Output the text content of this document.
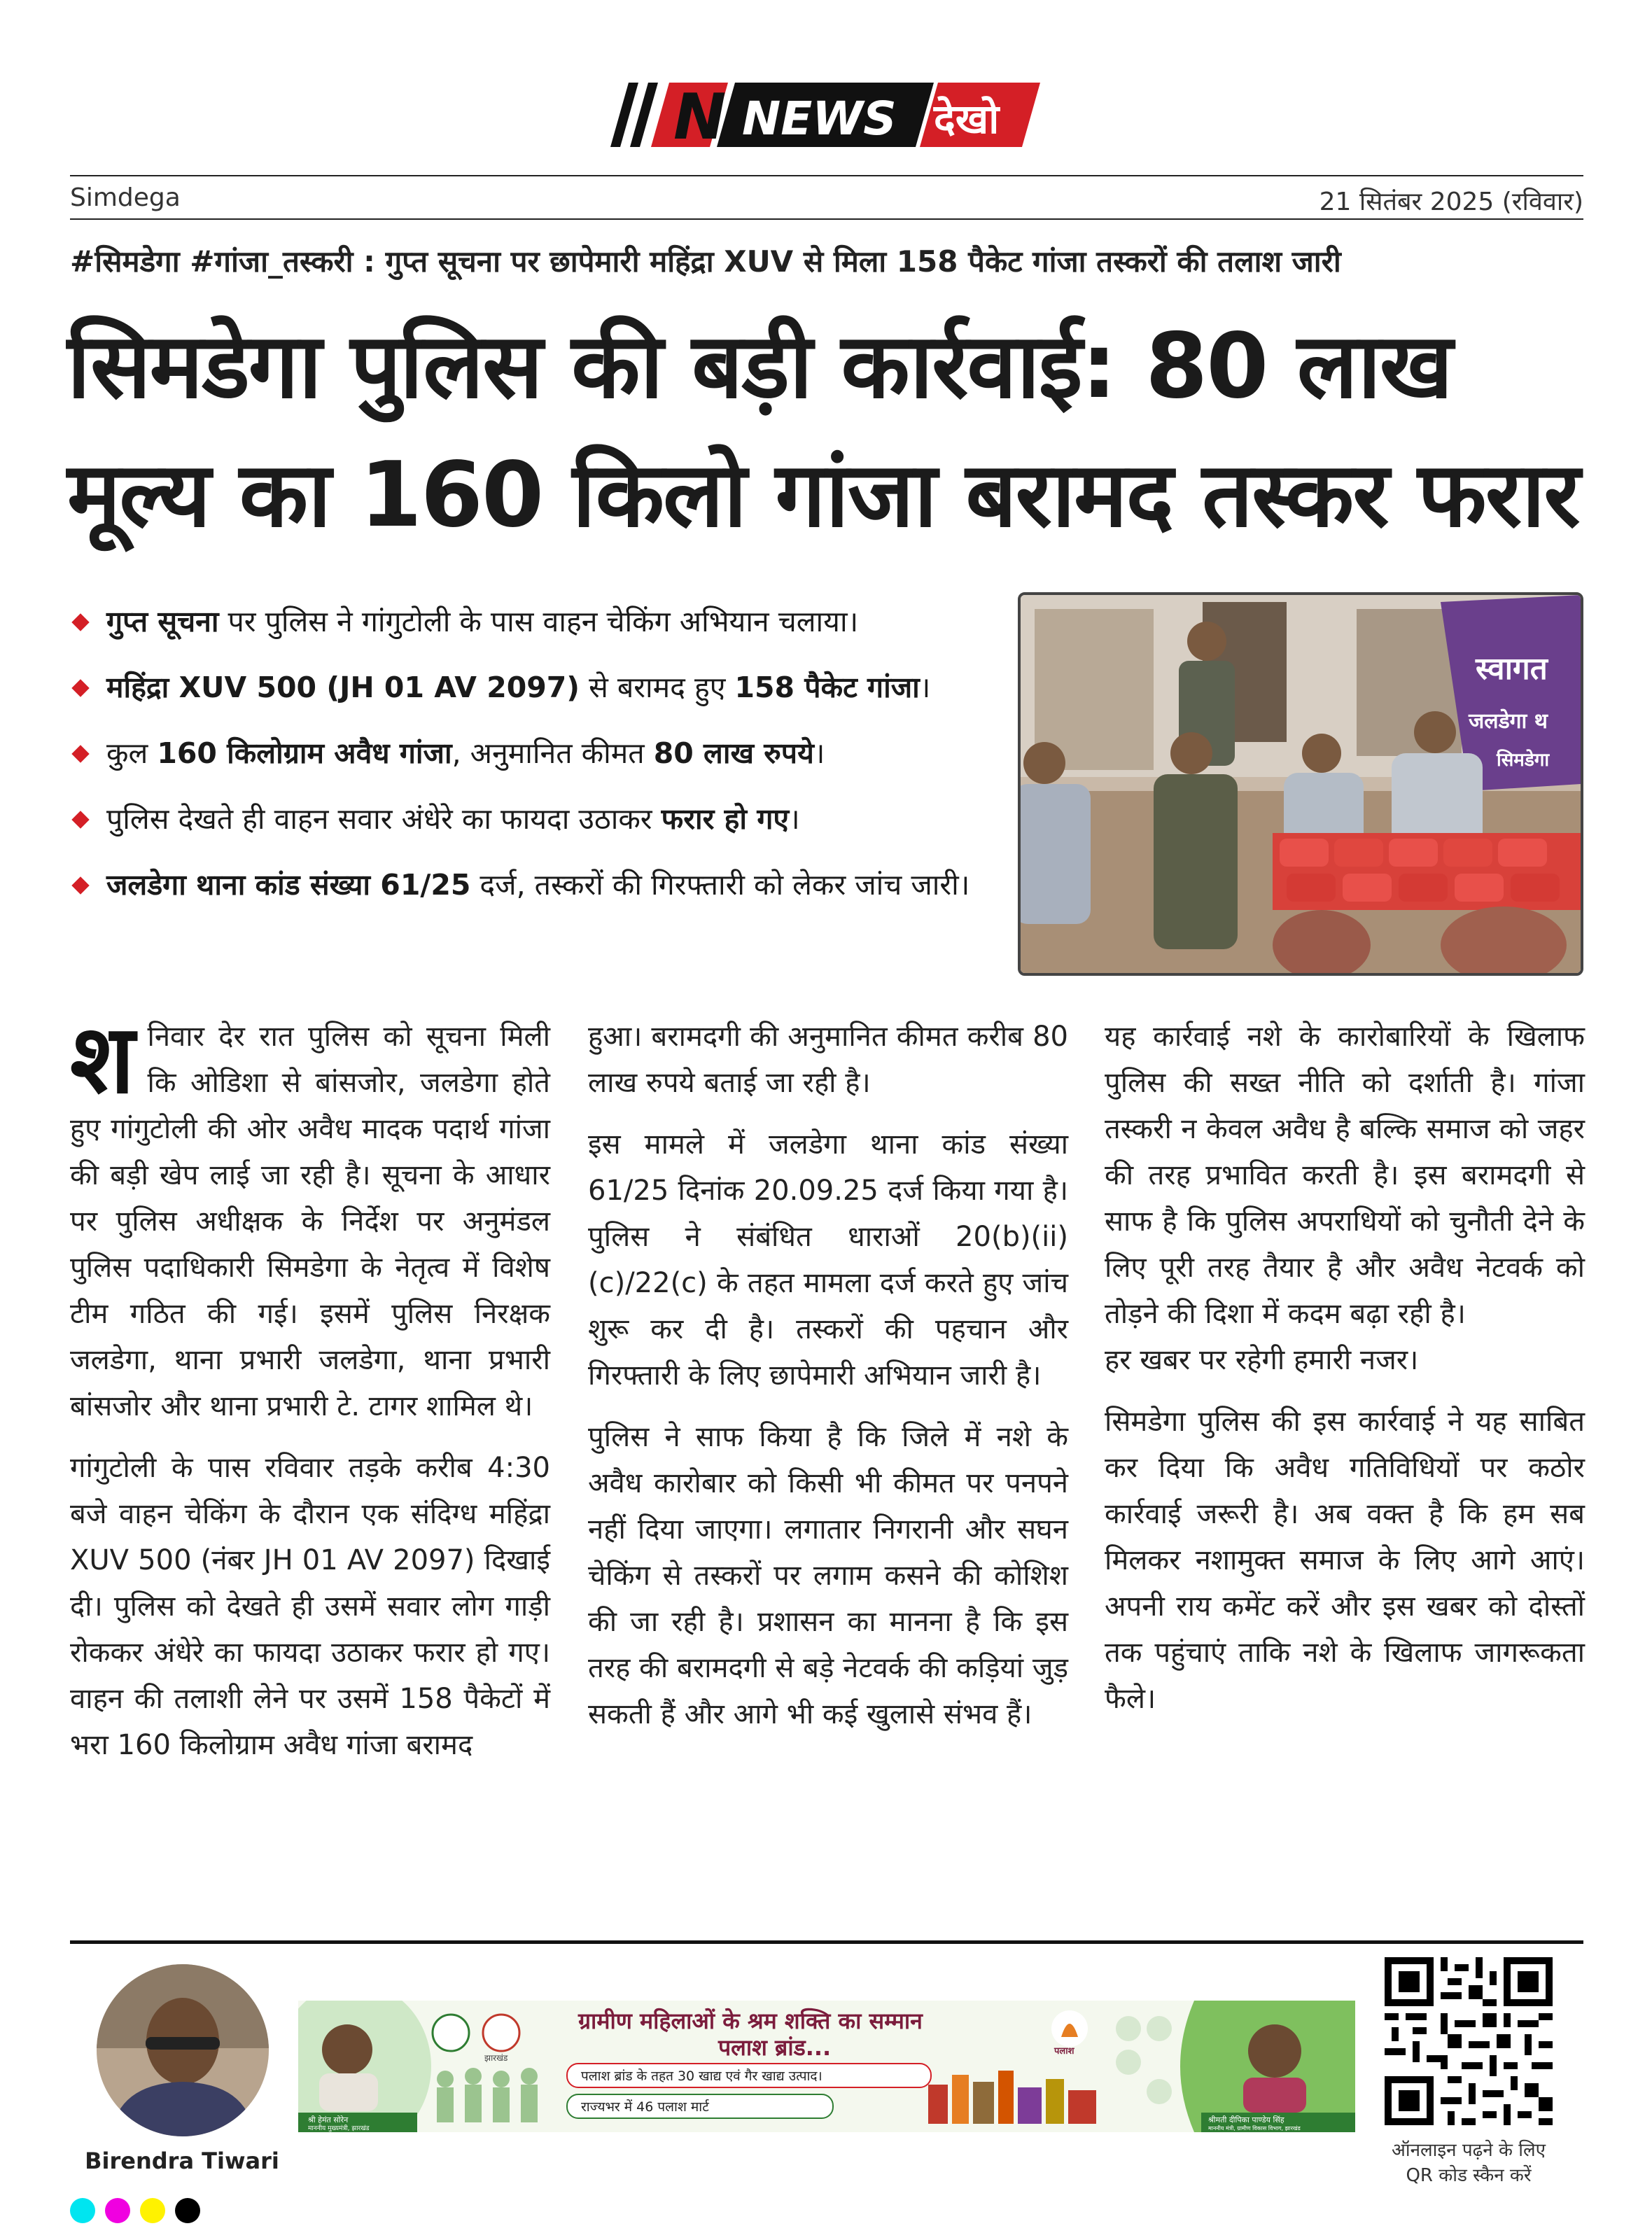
N NEWS देखो
Simdega	21 सितंबर 2025 (रविवार)
#सिमडेगा #गांजा_तस्करी : गुप्त सूचना पर छापेमारी महिंद्रा XUV से मिला 158 पैकेट गांजा तस्करों की तलाश जारी
सिमडेगा पुलिस की बड़ी कार्रवाई: 80 लाख
मूल्य का 160 किलो गांजा बरामद तस्कर फरार
गुप्त सूचना पर पुलिस ने गांगुटोली के पास वाहन चेकिंग अभियान चलाया।
महिंद्रा XUV 500 (JH 01 AV 2097) से बरामद हुए 158 पैकेट गांजा।
कुल 160 किलोग्राम अवैध गांजा, अनुमानित कीमत 80 लाख रुपये।
पुलिस देखते ही वाहन सवार अंधेरे का फायदा उठाकर फरार हो गए।
जलडेगा थाना कांड संख्या 61/25 दर्ज, तस्करों की गिरफ्तारी को लेकर जांच जारी।
स्वागत
जलडेगा थ
सिमडेगा

शनिवार देर रात पुलिस को सूचना मिली कि ओडिशा से बांसजोर, जलडेगा होते हुए गांगुटोली की ओर अवैध मादक पदार्थ गांजा की बड़ी खेप लाई जा रही है। सूचना के आधार पर पुलिस अधीक्षक के निर्देश पर अनुमंडल पुलिस पदाधिकारी सिमडेगा के नेतृत्व में विशेष टीम गठित की गई। इसमें पुलिस निरक्षक जलडेगा, थाना प्रभारी जलडेगा, थाना प्रभारी बांसजोर और थाना प्रभारी टे. टागर शामिल थे।

गांगुटोली के पास रविवार तड़के करीब 4:30 बजे वाहन चेकिंग के दौरान एक संदिग्ध महिंद्रा XUV 500 (नंबर JH 01 AV 2097) दिखाई दी। पुलिस को देखते ही उसमें सवार लोग गाड़ी रोककर अंधेरे का फायदा उठाकर फरार हो गए। वाहन की तलाशी लेने पर उसमें 158 पैकेटों में भरा 160 किलोग्राम अवैध गांजा बरामद

हुआ। बरामदगी की अनुमानित कीमत करीब 80 लाख रुपये बताई जा रही है।

इस मामले में जलडेगा थाना कांड संख्या 61/25 दिनांक 20.09.25 दर्ज किया गया है। पुलिस ने संबंधित धाराओं 20(b)(ii)(c)/22(c) के तहत मामला दर्ज करते हुए जांच शुरू कर दी है। तस्करों की पहचान और गिरफ्तारी के लिए छापेमारी अभियान जारी है।

पुलिस ने साफ किया है कि जिले में नशे के अवैध कारोबार को किसी भी कीमत पर पनपने नहीं दिया जाएगा। लगातार निगरानी और सघन चेकिंग से तस्करों पर लगाम कसने की कोशिश की जा रही है। प्रशासन का मानना है कि इस तरह की बरामदगी से बड़े नेटवर्क की कड़ियां जुड़ सकती हैं और आगे भी कई खुलासे संभव हैं।

यह कार्रवाई नशे के कारोबारियों के खिलाफ पुलिस की सख्त नीति को दर्शाती है। गांजा तस्करी न केवल अवैध है बल्कि समाज को जहर की तरह प्रभावित करती है। इस बरामदगी से साफ है कि पुलिस अपराधियों को चुनौती देने के लिए पूरी तरह तैयार है और अवैध नेटवर्क को तोड़ने की दिशा में कदम बढ़ा रही है।

हर खबर पर रहेगी हमारी नजर।

सिमडेगा पुलिस की इस कार्रवाई ने यह साबित कर दिया कि अवैध गतिविधियों पर कठोर कार्रवाई जरूरी है। अब वक्त है कि हम सब मिलकर नशामुक्त समाज के लिए आगे आएं। अपनी राय कमेंट करें और इस खबर को दोस्तों तक पहुंचाएं ताकि नशे के खिलाफ जागरूकता फैले।

Birendra Tiwari
श्री हेमंत सोरेन
माननीय मुख्यमंत्री, झारखंड
झारखंड
ग्रामीण महिलाओं के श्रम शक्ति का सम्मान
पलाश ब्रांड...
पलाश ब्रांड के तहत 30 खाद्य एवं गैर खाद्य उत्पाद।
राज्यभर में 46 पलाश मार्ट
पलाश
श्रीमती दीपिका पाण्डेय सिंह
माननीय मंत्री, ग्रामीण विकास विभाग, झारखंड
ऑनलाइन पढ़ने के लिए
QR कोड स्कैन करें
